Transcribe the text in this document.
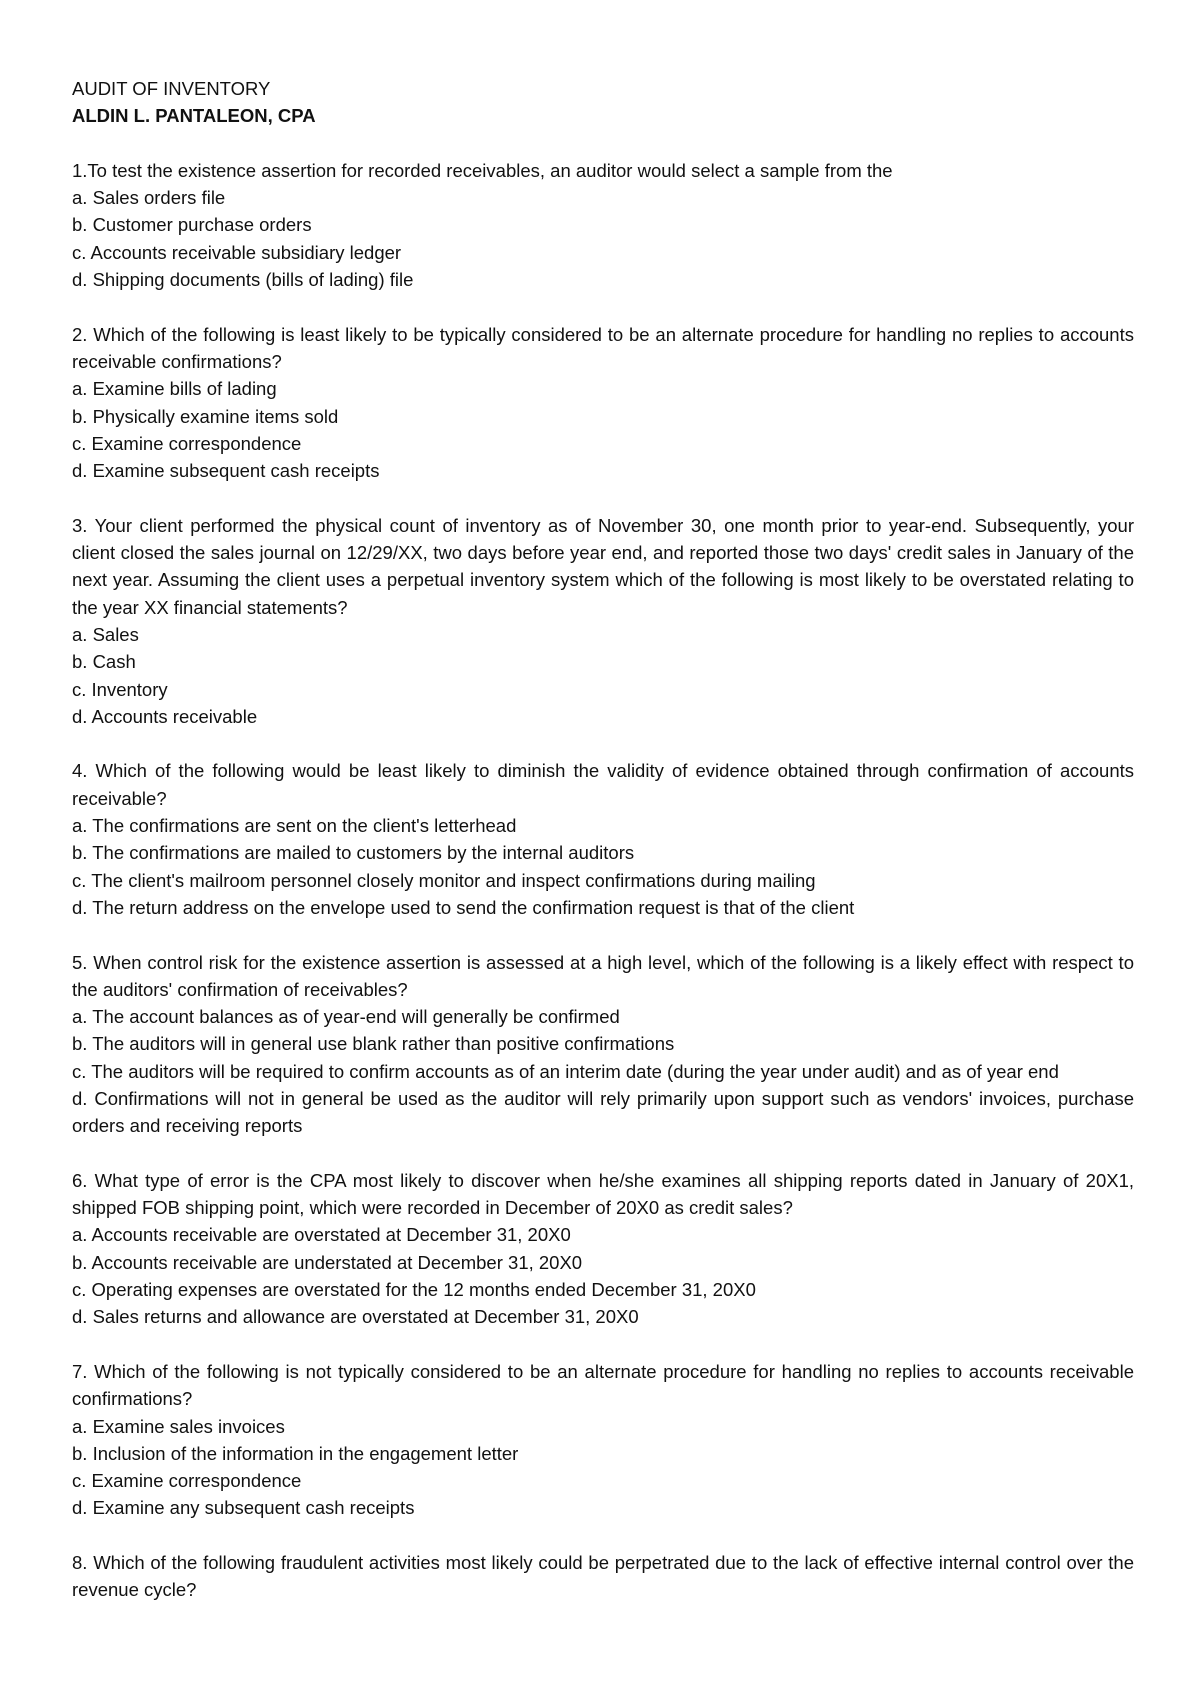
AUDIT OF INVENTORY
ALDIN L. PANTALEON, CPA
1.To test the existence assertion for recorded receivables, an auditor would select a sample from the
a. Sales orders file
b. Customer purchase orders
c. Accounts receivable subsidiary ledger
d. Shipping documents (bills of lading) file
2. Which of the following is least likely to be typically considered to be an alternate procedure for handling no replies to accounts receivable confirmations?
a. Examine bills of lading
b. Physically examine items sold
c. Examine correspondence
d. Examine subsequent cash receipts
3. Your client performed the physical count of inventory as of November 30, one month prior to year-end. Subsequently, your client closed the sales journal on 12/29/XX, two days before year end, and reported those two days' credit sales in January of the next year. Assuming the client uses a perpetual inventory system which of the following is most likely to be overstated relating to the year XX financial statements?
a. Sales
b. Cash
c. Inventory
d. Accounts receivable
4. Which of the following would be least likely to diminish the validity of evidence obtained through confirmation of accounts receivable?
a. The confirmations are sent on the client's letterhead
b. The confirmations are mailed to customers by the internal auditors
c. The client's mailroom personnel closely monitor and inspect confirmations during mailing
d. The return address on the envelope used to send the confirmation request is that of the client
5. When control risk for the existence assertion is assessed at a high level, which of the following is a likely effect with respect to the auditors' confirmation of receivables?
a. The account balances as of year-end will generally be confirmed
b. The auditors will in general use blank rather than positive confirmations
c. The auditors will be required to confirm accounts as of an interim date (during the year under audit) and as of year end
d. Confirmations will not in general be used as the auditor will rely primarily upon support such as vendors' invoices, purchase orders and receiving reports
6. What type of error is the CPA most likely to discover when he/she examines all shipping reports dated in January of 20X1, shipped FOB shipping point, which were recorded in December of 20X0 as credit sales?
a. Accounts receivable are overstated at December 31, 20X0
b. Accounts receivable are understated at December 31, 20X0
c. Operating expenses are overstated for the 12 months ended December 31, 20X0
d. Sales returns and allowance are overstated at December 31, 20X0
7. Which of the following is not typically considered to be an alternate procedure for handling no replies to accounts receivable confirmations?
a. Examine sales invoices
b. Inclusion of the information in the engagement letter
c. Examine correspondence
d. Examine any subsequent cash receipts
8. Which of the following fraudulent activities most likely could be perpetrated due to the lack of effective internal control over the revenue cycle?
